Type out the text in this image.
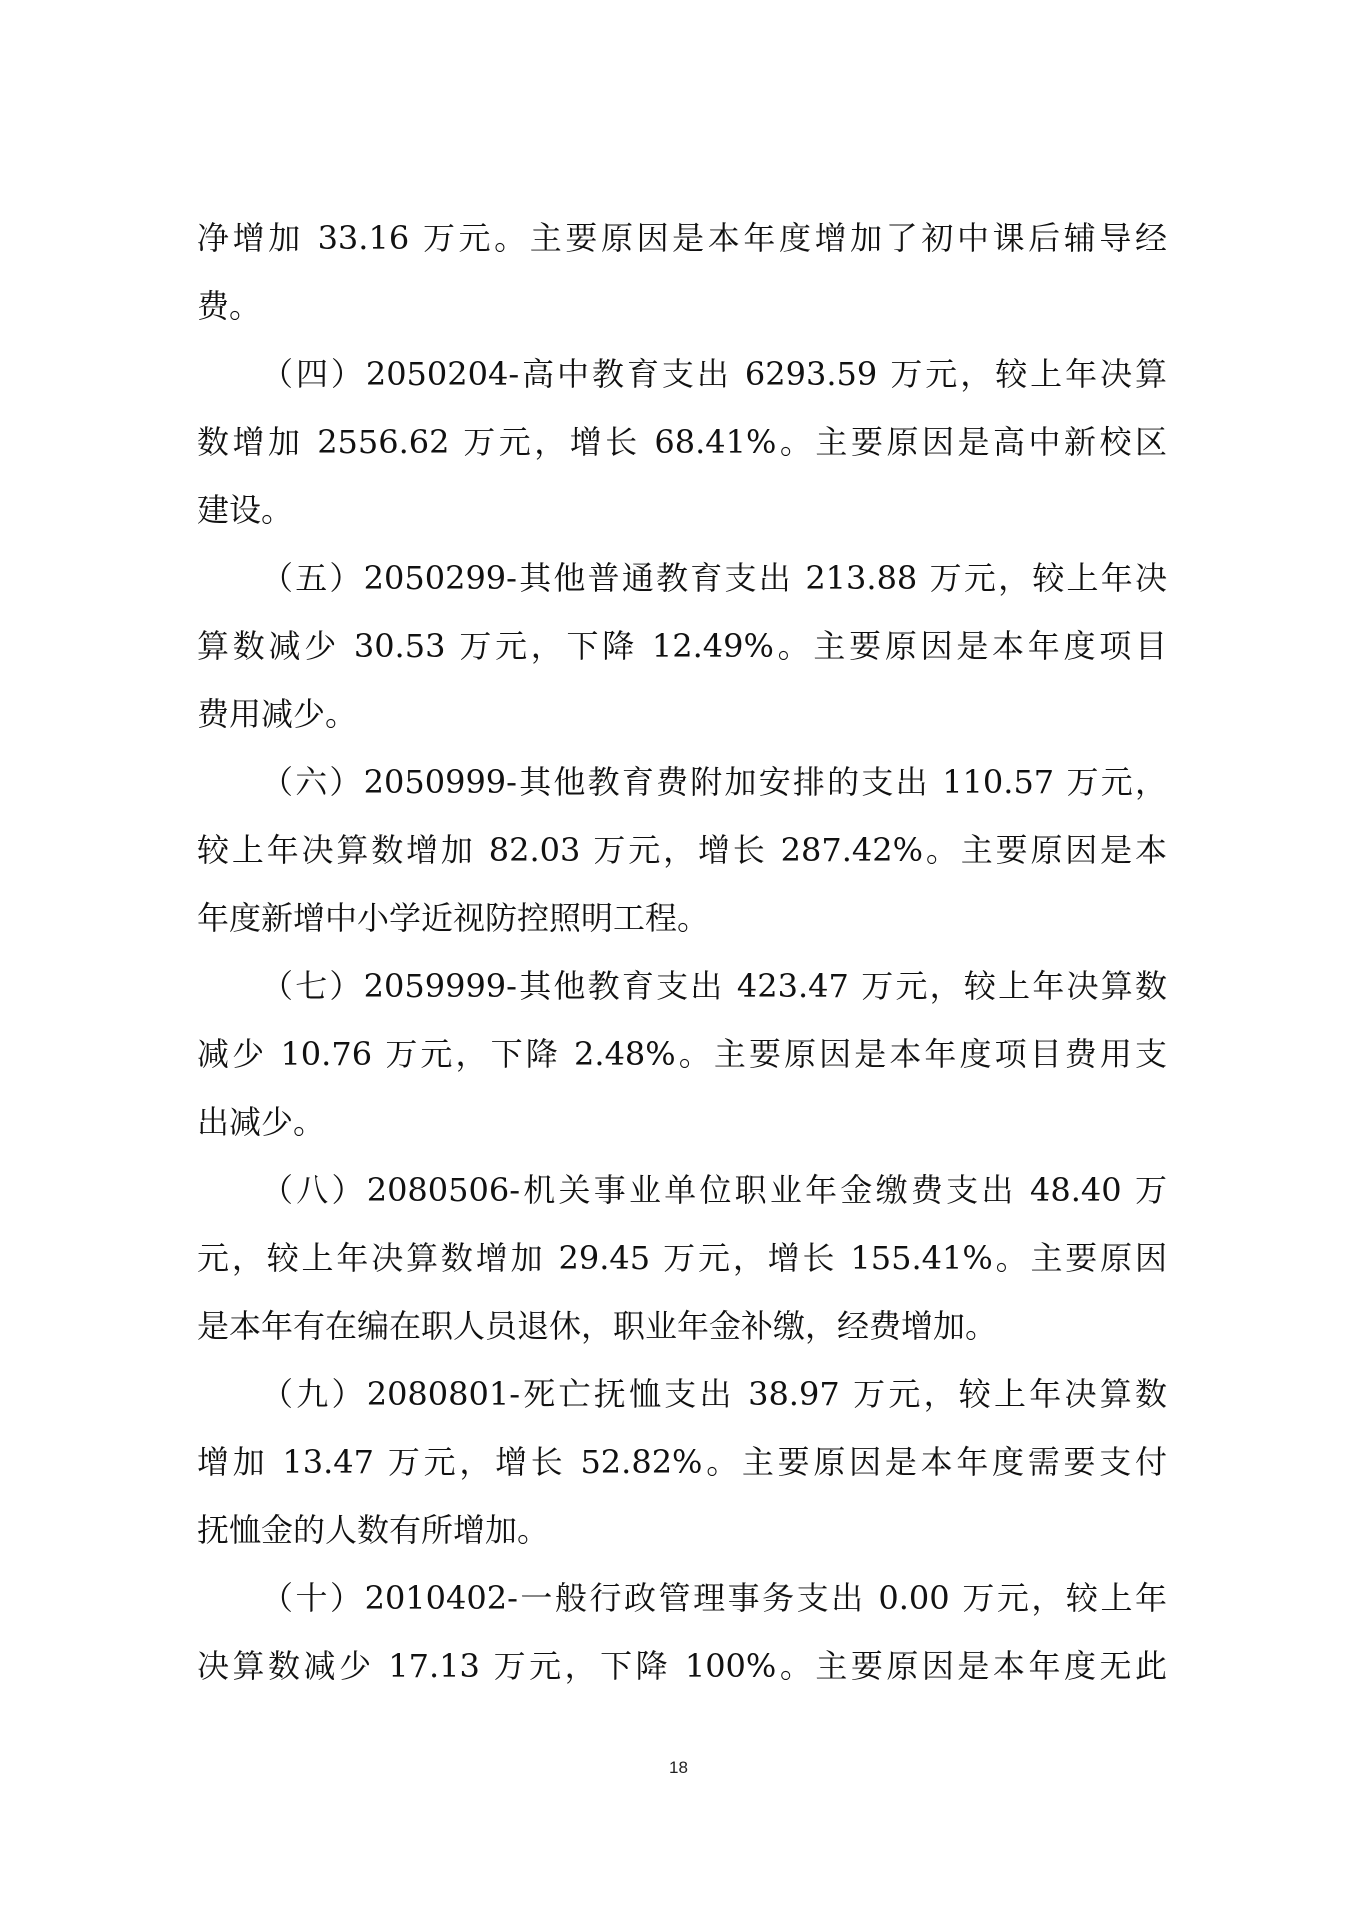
净增加 33.16 万元。主要原因是本年度增加了初中课后辅导经
费。
（四）2050204-高中教育支出 6293.59 万元，较上年决算
数增加 2556.62 万元，增长 68.41%。主要原因是高中新校区
建设。
（五）2050299-其他普通教育支出 213.88 万元，较上年决
算数减少 30.53 万元，下降 12.49%。主要原因是本年度项目
费用减少。
（六）2050999-其他教育费附加安排的支出 110.57 万元，
较上年决算数增加 82.03 万元，增长 287.42%。主要原因是本
年度新增中小学近视防控照明工程。
（七）2059999-其他教育支出 423.47 万元，较上年决算数
减少 10.76 万元，下降 2.48%。主要原因是本年度项目费用支
出减少。
（八）2080506-机关事业单位职业年金缴费支出 48.40 万
元，较上年决算数增加 29.45 万元，增长 155.41%。主要原因
是本年有在编在职人员退休，职业年金补缴，经费增加。
（九）2080801-死亡抚恤支出 38.97 万元，较上年决算数
增加 13.47 万元，增长 52.82%。主要原因是本年度需要支付
抚恤金的人数有所增加。
（十）2010402-一般行政管理事务支出 0.00 万元，较上年
决算数减少 17.13 万元，下降 100%。主要原因是本年度无此
18
